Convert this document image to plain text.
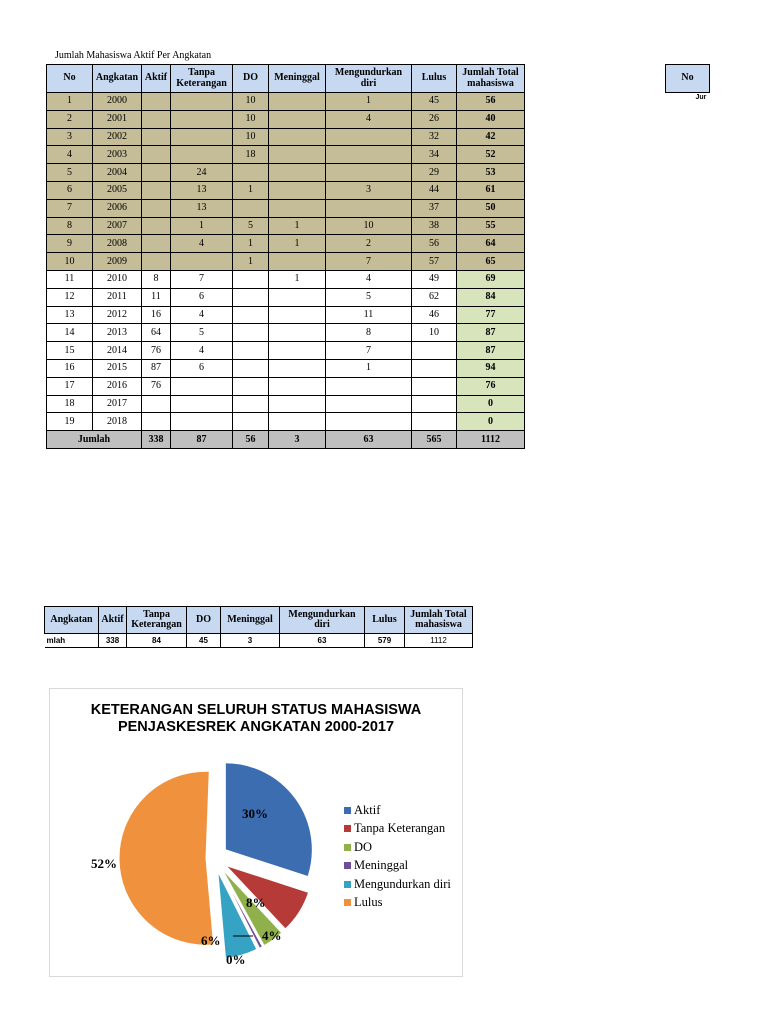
Jumlah Mahasiswa Aktif Per Angkatan
No	Angkatan	Aktif	Tanpa Keterangan	DO	Meninggal	Mengundurkan diri	Lulus	Jumlah Total mahasiswa
1	2000			10		1	45	56
2	2001			10		4	26	40
3	2002			10			32	42
4	2003			18			34	52
5	2004		24				29	53
6	2005		13	1		3	44	61
7	2006		13				37	50
8	2007		1	5	1	10	38	55
9	2008		4	1	1	2	56	64
10	2009			1		7	57	65
11	2010	8	7		1	4	49	69
12	2011	11	6			5	62	84
13	2012	16	4			11	46	77
14	2013	64	5			8	10	87
15	2014	76	4			7		87
16	2015	87	6			1		94
17	2016	76						76
18	2017							0
19	2018							0
Jumlah		338	87	56	3	63	565	1112
No
Jur
Angkatan	Aktif	Tanpa Keterangan	DO	Meninggal	Mengundurkan diri	Lulus	Jumlah Total mahasiswa
mlah	338	84	45	3	63	579	1112
30%
8%
4%
0%
6%
52%
KETERANGAN SELURUH STATUS MAHASISWA PENJASKESREK ANGKATAN 2000-2017
Aktif
Tanpa Keterangan
DO
Meninggal
Mengundurkan diri
Lulus
